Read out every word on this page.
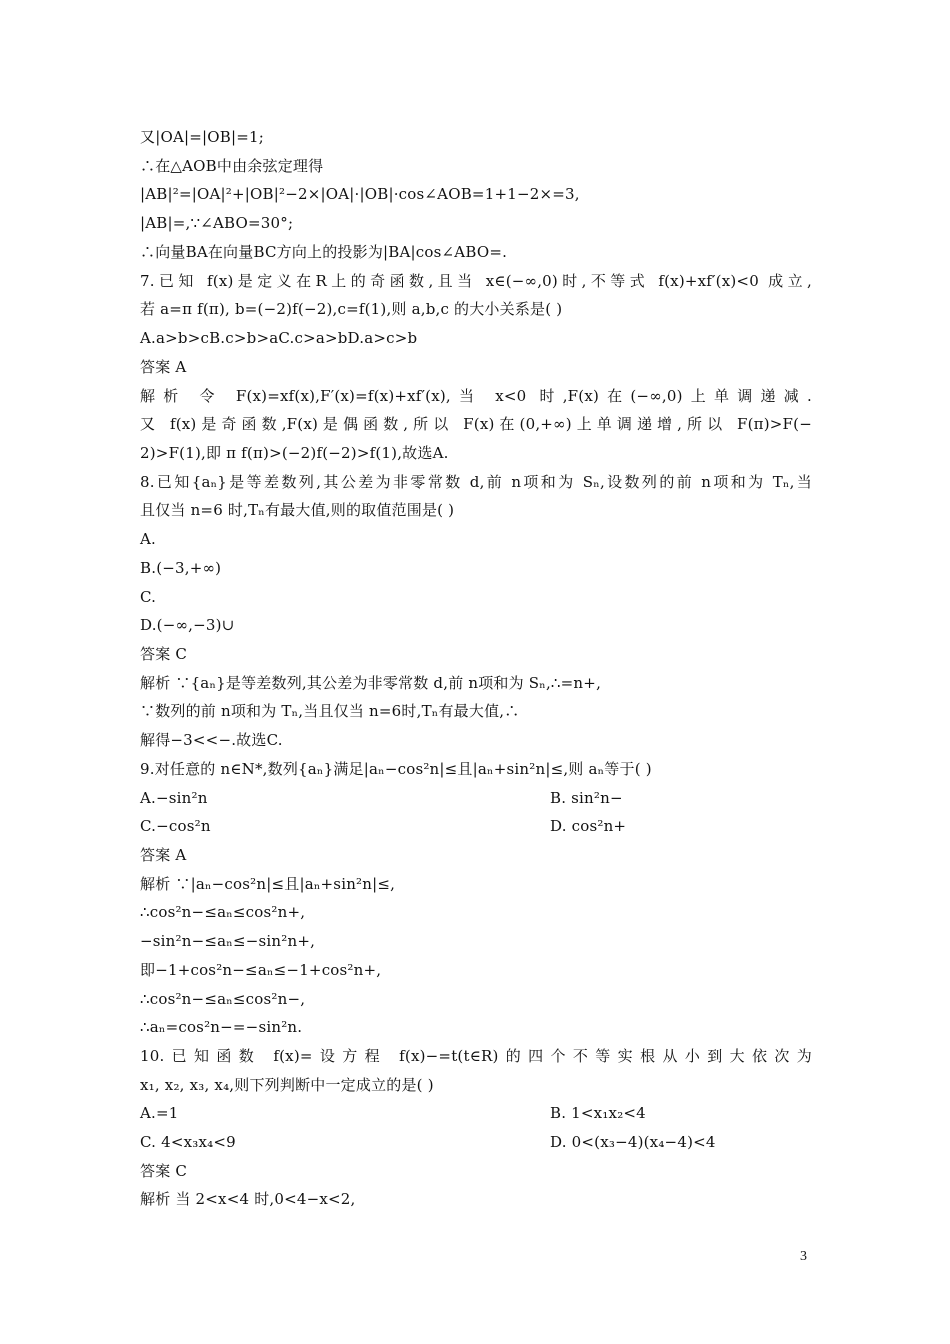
又|OA|=|OB|=1;
∴在△AOB中由余弦定理得
|AB|²=|OA|²+|OB|²−2×|OA|·|OB|·cos∠AOB=1+1−2×=3,
|AB|=,∵∠ABO=30°;
∴向量BA在向量BC方向上的投影为|BA|cos∠ABO=.
7.已知 f(x)是定义在R上的奇函数,且当 x∈(−∞,0)时,不等式 f(x)+xf′(x)<0 成立,
若 a=π f(π), b=(−2)f(−2),c=f(1),则 a,b,c 的大小关系是( )
A.a>b>cB.c>b>aC.c>a>bD.a>c>b
答案 A
解析 令 F(x)=xf(x),F′(x)=f(x)+xf′(x),当 x<0 时,F(x)在(−∞,0)上单调递减.
又 f(x)是奇函数,F(x)是偶函数,所以 F(x)在(0,+∞)上单调递增,所以 F(π)>F(−
2)>F(1),即 π f(π)>(−2)f(−2)>f(1),故选A.
8.已知{aₙ}是等差数列,其公差为非零常数 d,前 n项和为 Sₙ,设数列的前 n项和为 Tₙ,当
且仅当 n=6 时,Tₙ有最大值,则的取值范围是( )
A.
B.(−3,+∞)
C.
D.(−∞,−3)∪
答案 C
解析 ∵{aₙ}是等差数列,其公差为非零常数 d,前 n项和为 Sₙ,∴=n+,
∵数列的前 n项和为 Tₙ,当且仅当 n=6时,Tₙ有最大值,∴
解得−3<<−.故选C.
9.对任意的 n∈N*,数列{aₙ}满足|aₙ−cos²n|≤且|aₙ+sin²n|≤,则 aₙ等于( )
A.−sin²n	B. sin²n−
C.−cos²n	D. cos²n+
答案 A
解析 ∵|aₙ−cos²n|≤且|aₙ+sin²n|≤,
∴cos²n−≤aₙ≤cos²n+,
−sin²n−≤aₙ≤−sin²n+,
即−1+cos²n−≤aₙ≤−1+cos²n+,
∴cos²n−≤aₙ≤cos²n−,
∴aₙ=cos²n−=−sin²n.
10.已知函数 f(x)=设方程 f(x)−=t(t∈R)的四个不等实根从小到大依次为
x₁, x₂, x₃, x₄,则下列判断中一定成立的是( )
A.=1	B. 1<x₁x₂<4
C. 4<x₃x₄<9	D. 0<(x₃−4)(x₄−4)<4
答案 C
解析 当 2<x<4 时,0<4−x<2,
3
